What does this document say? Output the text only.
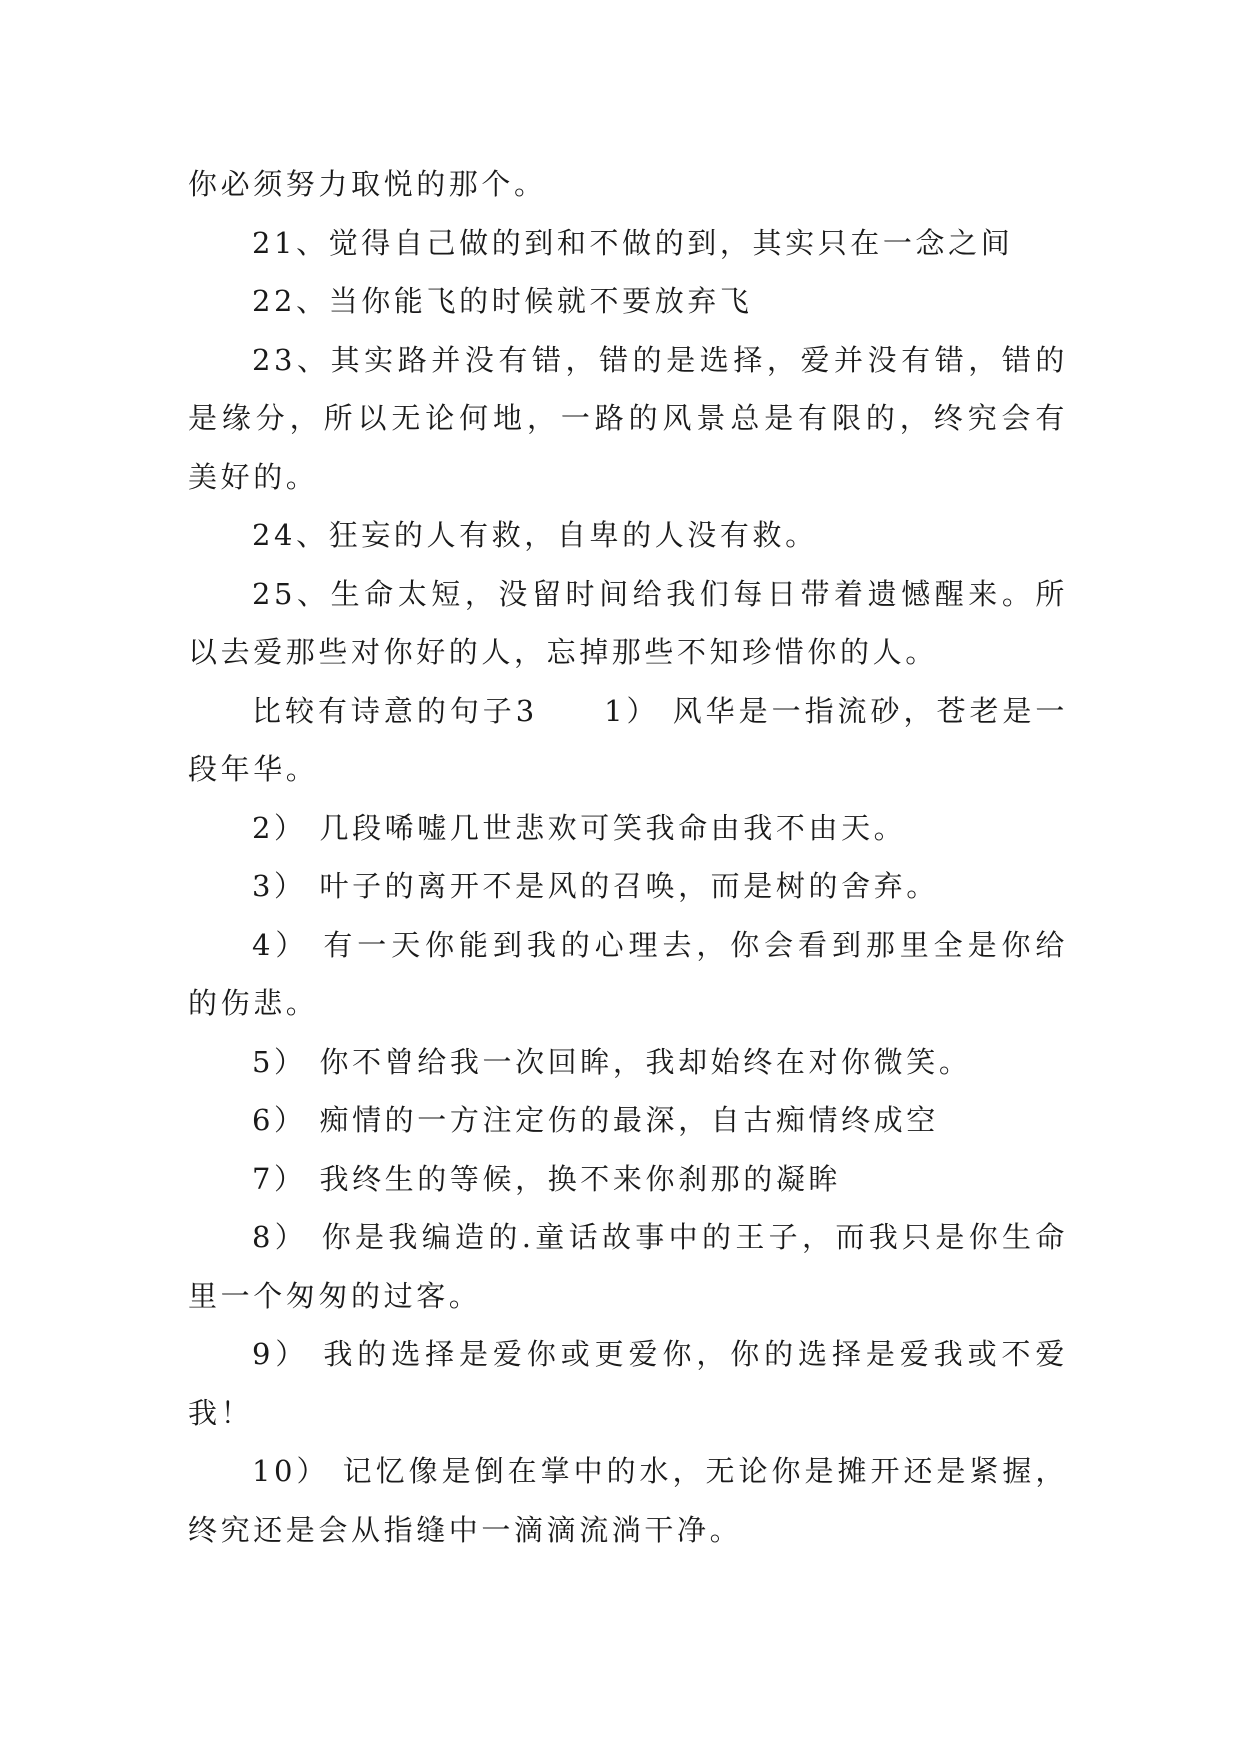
你必须努力取悦的那个。

21、觉得自己做的到和不做的到，其实只在一念之间

22、当你能飞的时候就不要放弃飞

23、其实路并没有错，错的是选择，爱并没有错，错的是缘分，所以无论何地，一路的风景总是有限的，终究会有美好的。

24、狂妄的人有救，自卑的人没有救。

25、生命太短，没留时间给我们每日带着遗憾醒来。所以去爱那些对你好的人，忘掉那些不知珍惜你的人。

比较有诗意的句子3　　1） 风华是一指流砂，苍老是一段年华。

2） 几段唏嘘几世悲欢可笑我命由我不由天。

3） 叶子的离开不是风的召唤，而是树的舍弃。

4） 有一天你能到我的心理去，你会看到那里全是你给的伤悲。

5） 你不曾给我一次回眸，我却始终在对你微笑。

6） 痴情的一方注定伤的最深，自古痴情终成空

7） 我终生的等候，换不来你刹那的凝眸

8） 你是我编造的.童话故事中的王子，而我只是你生命里一个匆匆的过客。

9） 我的选择是爱你或更爱你，你的选择是爱我或不爱我！

10） 记忆像是倒在掌中的水，无论你是摊开还是紧握，终究还是会从指缝中一滴滴流淌干净。
